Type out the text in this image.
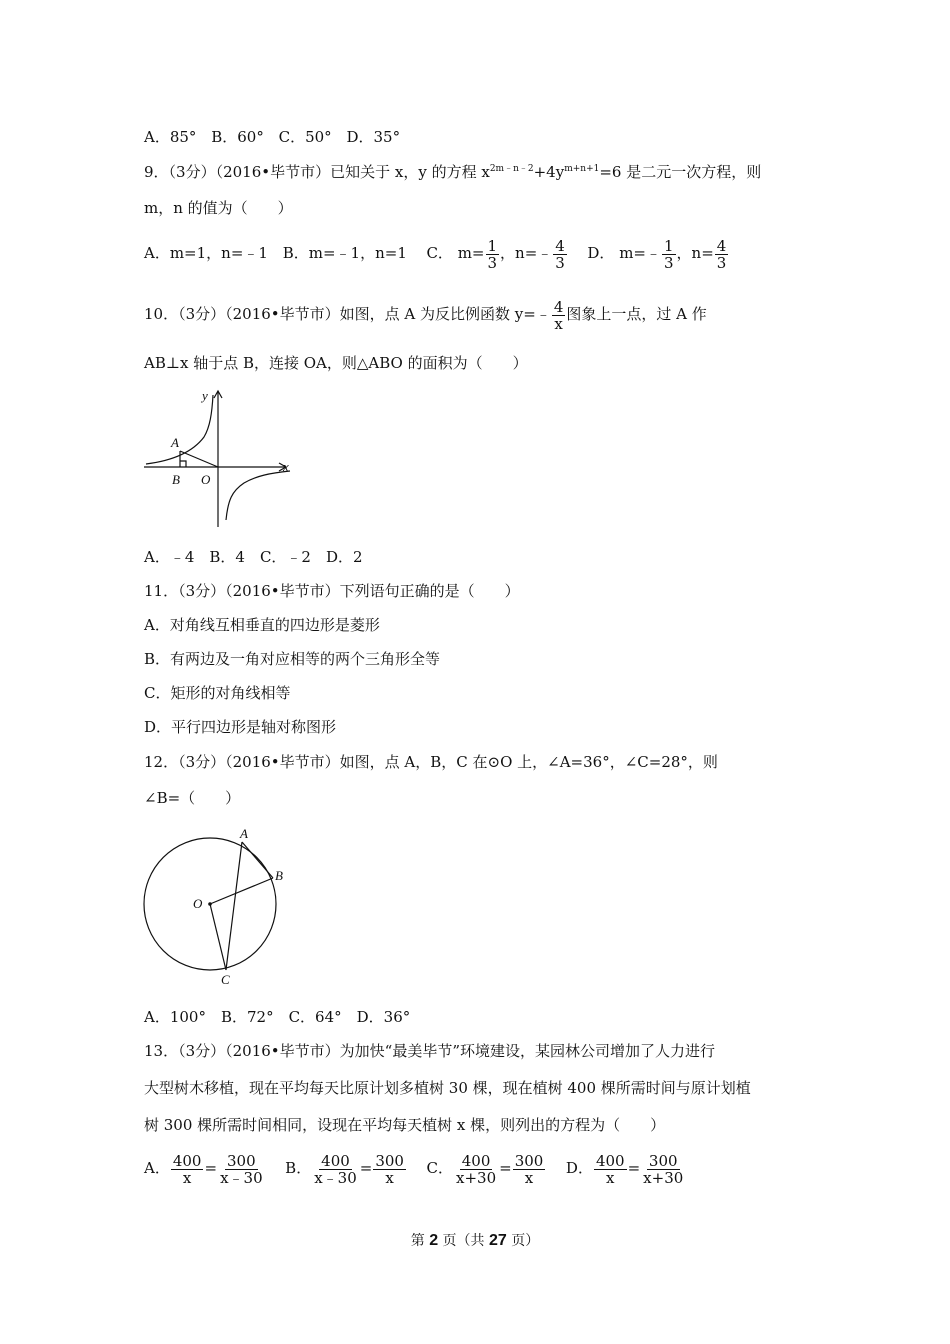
A．85° B．60° C．50° D．35°
9．（3分）（2016•毕节市）已知关于 x，y 的方程 $x^{2m﹣n﹣2}+4y^{m+n+1}=6$ 是二元一次方程，则
m，n 的值为（　　）
A．m=1，n=﹣1 B．m=﹣1，n=1 C． $m= \frac{1}{3}$ ，n=﹣ $\frac{4}{3}$ D． m=﹣ $\frac{1}{3}$ ，$n= \frac{4}{3}$
10．（3分）（2016•毕节市）如图，点 A 为反比例函数 y=﹣ $\frac{4}{x}$ 图象上一点，过 A 作
AB⊥x 轴于点 B，连接 OA，则△ABO 的面积为（　　）
y
x
A
B O
A．﹣4　B．4　C．﹣2　D．2
11．（3分）（2016•毕节市）下列语句正确的是（　　）
A．对角线互相垂直的四边形是菱形
B．有两边及一角对应相等的两个三角形全等
C．矩形的对角线相等
D．平行四边形是轴对称图形
12．（3分）（2016•毕节市）如图，点 A，B，C 在⊙O 上，∠A=36°，∠C=28°，则
∠B=（　　）
A
B
C
O
A．100°　B．72°　C．64°　D．36°
13．（3分）（2016•毕节市）为加快“最美毕节”环境建设，某园林公司增加了人力进行
大型树木移植，现在平均每天比原计划多植树 30 棵，现在植树 400 棵所需时间与原计划植
树 300 棵所需时间相同，设现在平均每天植树 x 棵，则列出的方程为（　　）
A． $\frac{400}{x} = \frac{300}{x﹣30}$ B． $\frac{400}{x﹣30} = \frac{300}{x}$ C． $\frac{400}{x+30} = \frac{300}{x}$ D． $\frac{400}{x} = \frac{300}{x+30}$
第 2 页（共 27 页）
